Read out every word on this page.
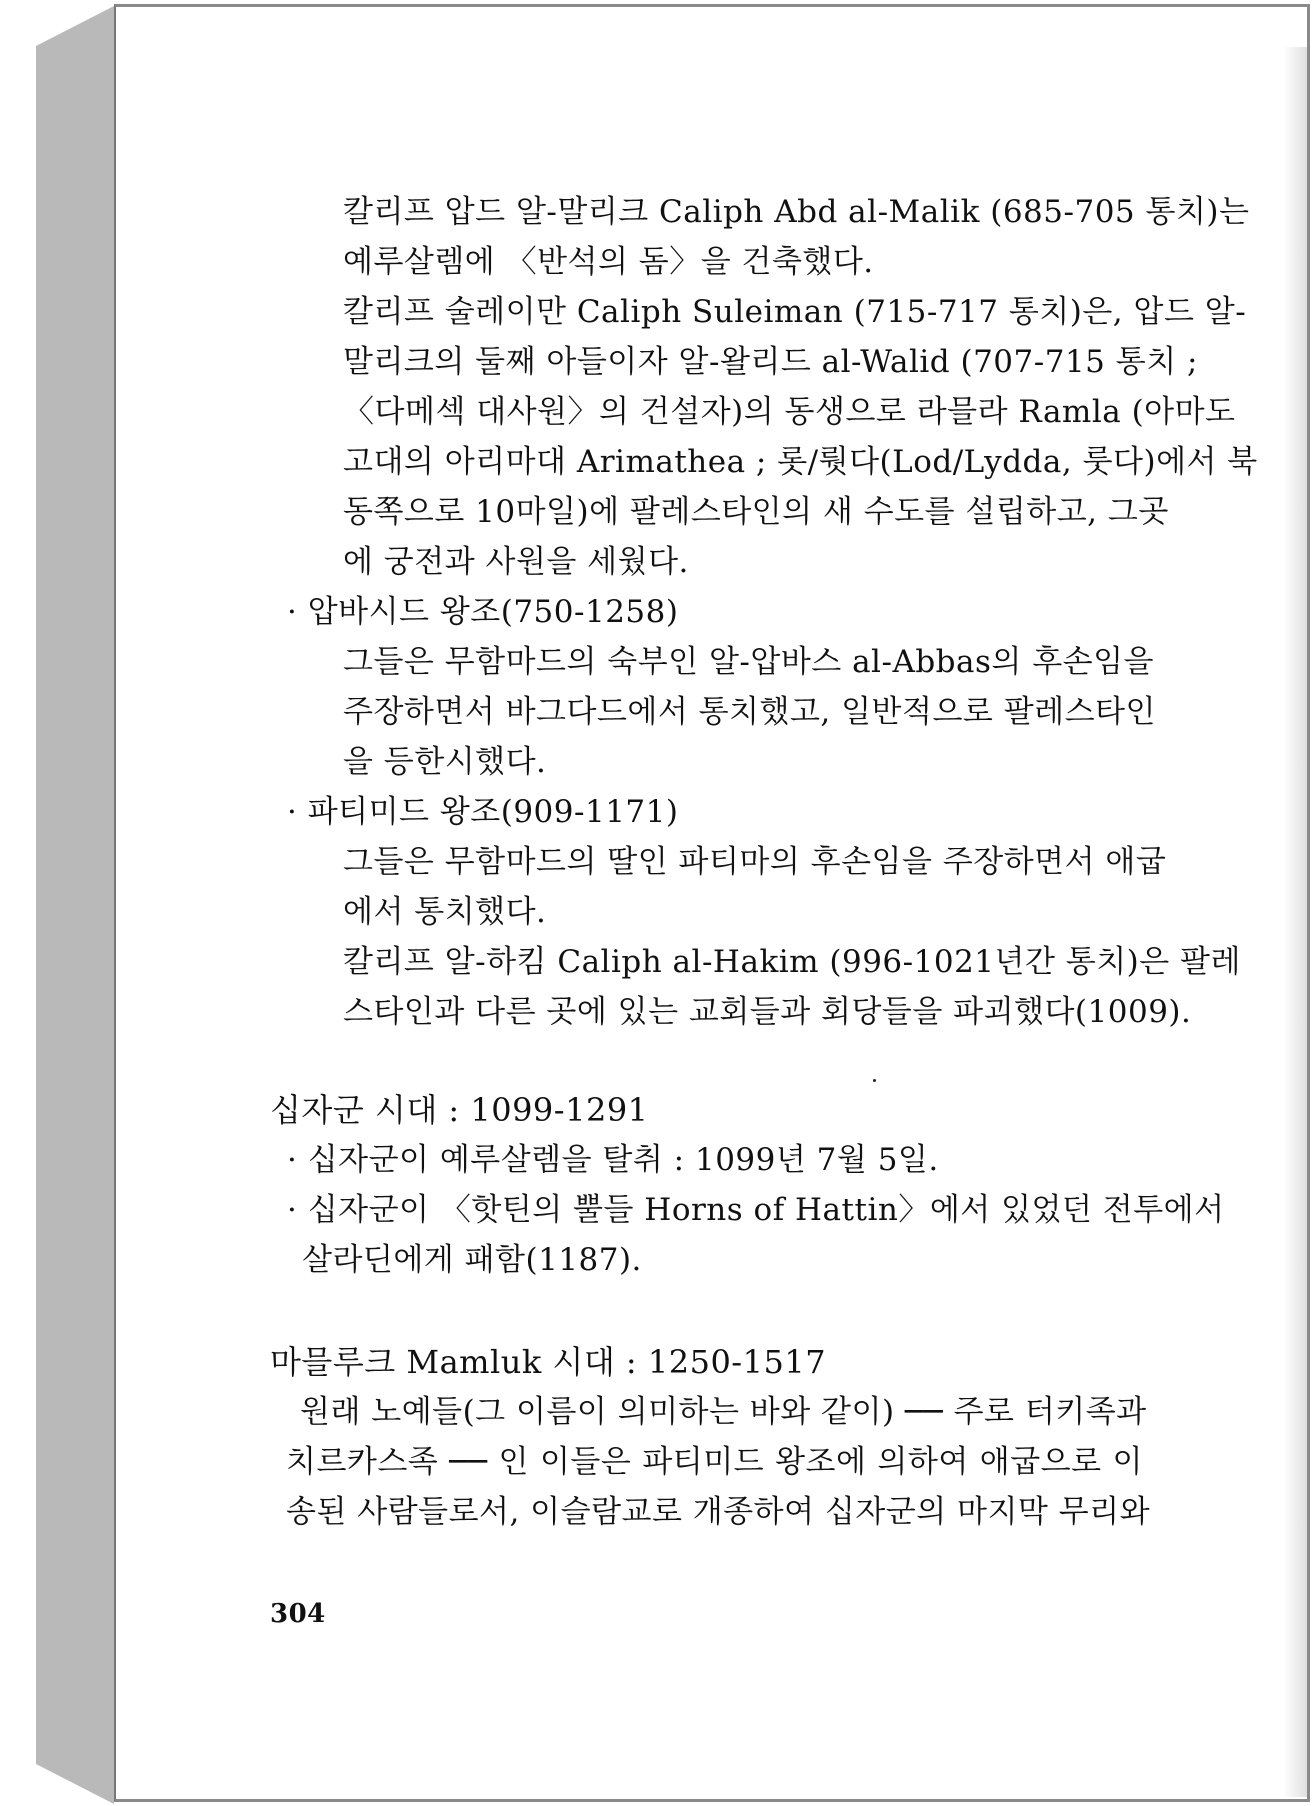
칼리프 압드 알-말리크 Caliph Abd al-Malik (685-705 통치)는
예루살렘에 〈반석의 돔〉을 건축했다.
칼리프 술레이만 Caliph Suleiman (715-717 통치)은, 압드 알-
말리크의 둘째 아들이자 알-왈리드 al-Walid (707-715 통치 ;
〈다메섹 대사원〉의 건설자)의 동생으로 라믈라 Ramla (아마도
고대의 아리마대 Arimathea ; 롯/뤗다(Lod/Lydda, 룻다)에서 북
동쪽으로 10마일)에 팔레스타인의 새 수도를 설립하고, 그곳
에 궁전과 사원을 세웠다.
· 압바시드 왕조(750-1258)
그들은 무함마드의 숙부인 알-압바스 al-Abbas의 후손임을
주장하면서 바그다드에서 통치했고, 일반적으로 팔레스타인
을 등한시했다.
· 파티미드 왕조(909-1171)
그들은 무함마드의 딸인 파티마의 후손임을 주장하면서 애굽
에서 통치했다.
칼리프 알-하킴 Caliph al-Hakim (996-1021년간 통치)은 팔레
스타인과 다른 곳에 있는 교회들과 회당들을 파괴했다(1009).
십자군 시대 : 1099-1291
· 십자군이 예루살렘을 탈취 : 1099년 7월 5일.
· 십자군이 〈핫틴의 뿔들 Horns of Hattin〉에서 있었던 전투에서
살라딘에게 패함(1187).
마믈루크 Mamluk 시대 : 1250-1517
원래 노예들(그 이름이 의미하는 바와 같이) ── 주로 터키족과
치르카스족 ── 인 이들은 파티미드 왕조에 의하여 애굽으로 이
송된 사람들로서, 이슬람교로 개종하여 십자군의 마지막 무리와
304
